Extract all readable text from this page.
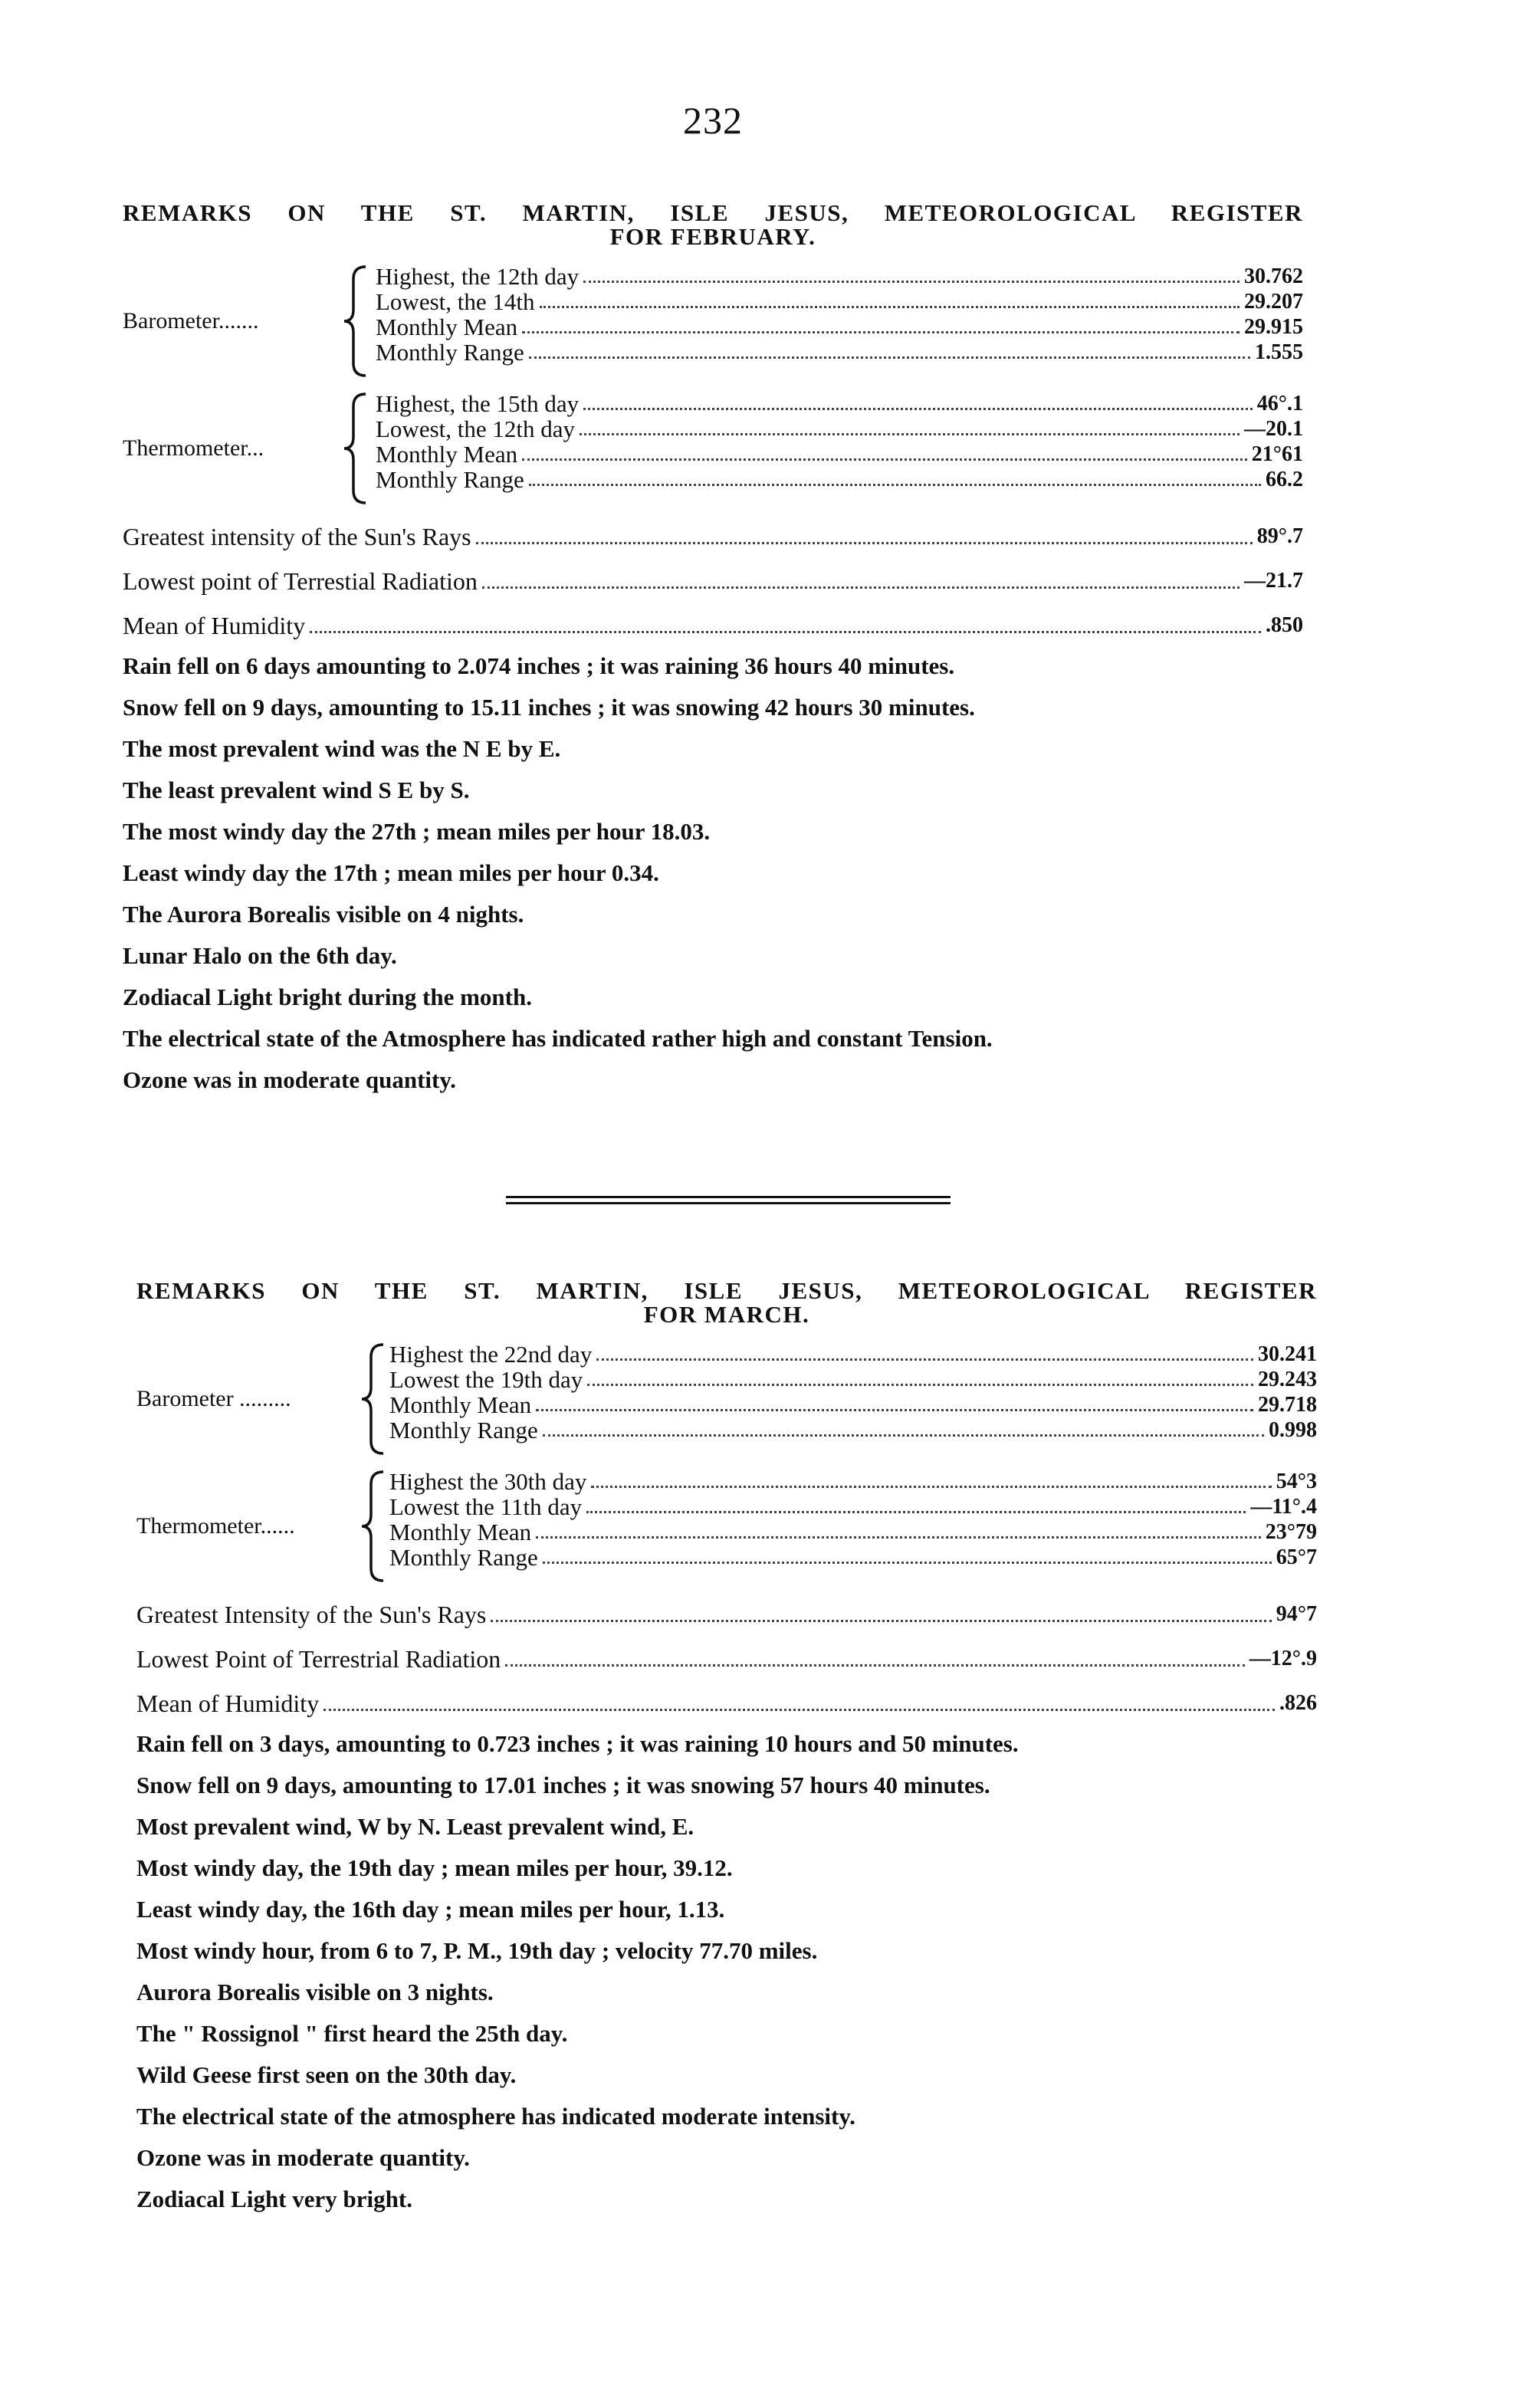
232
REMARKS ON THE ST. MARTIN, ISLE JESUS, METEOROLOGICAL REGISTER
FOR FEBRUARY.
Barometer.......
Highest, the 12th day	30.762
Lowest, the 14th	29.207
Monthly Mean	29.915
Monthly Range	1.555
Thermometer...
Highest, the 15th day	46°.1
Lowest, the 12th day	—20.1
Monthly Mean	21°61
Monthly Range	66.2
Greatest intensity of the Sun's Rays	89°.7
Lowest point of Terrestial Radiation	—21.7
Mean of Humidity	.850
Rain fell on 6 days amounting to 2.074 inches ; it was raining 36 hours 40 minutes.
Snow fell on 9 days, amounting to 15.11 inches ; it was snowing 42 hours 30 minutes.
The most prevalent wind was the N E by E.
The least prevalent wind S E by S.
The most windy day the 27th ; mean miles per hour 18.03.
Least windy day the 17th ; mean miles per hour 0.34.
The Aurora Borealis visible on 4 nights.
Lunar Halo on the 6th day.
Zodiacal Light bright during the month.
The electrical state of the Atmosphere has indicated rather high and constant Tension.
Ozone was in moderate quantity.
REMARKS ON THE ST. MARTIN, ISLE JESUS, METEOROLOGICAL REGISTER
FOR MARCH.
Barometer .........
Highest the 22nd day	30.241
Lowest the 19th day	29.243
Monthly Mean	29.718
Monthly Range	0.998
Thermometer......
Highest the 30th day	54°3
Lowest the 11th day	—11°.4
Monthly Mean	23°79
Monthly Range	65°7
Greatest Intensity of the Sun's Rays	94°7
Lowest Point of Terrestrial Radiation	—12°.9
Mean of Humidity	.826
Rain fell on 3 days, amounting to 0.723 inches ; it was raining 10 hours and 50 minutes.
Snow fell on 9 days, amounting to 17.01 inches ; it was snowing 57 hours 40 minutes.
Most prevalent wind, W by N. Least prevalent wind, E.
Most windy day, the 19th day ; mean miles per hour, 39.12.
Least windy day, the 16th day ; mean miles per hour, 1.13.
Most windy hour, from 6 to 7, P. M., 19th day ; velocity 77.70 miles.
Aurora Borealis visible on 3 nights.
The " Rossignol " first heard the 25th day.
Wild Geese first seen on the 30th day.
The electrical state of the atmosphere has indicated moderate intensity.
Ozone was in moderate quantity.
Zodiacal Light very bright.
